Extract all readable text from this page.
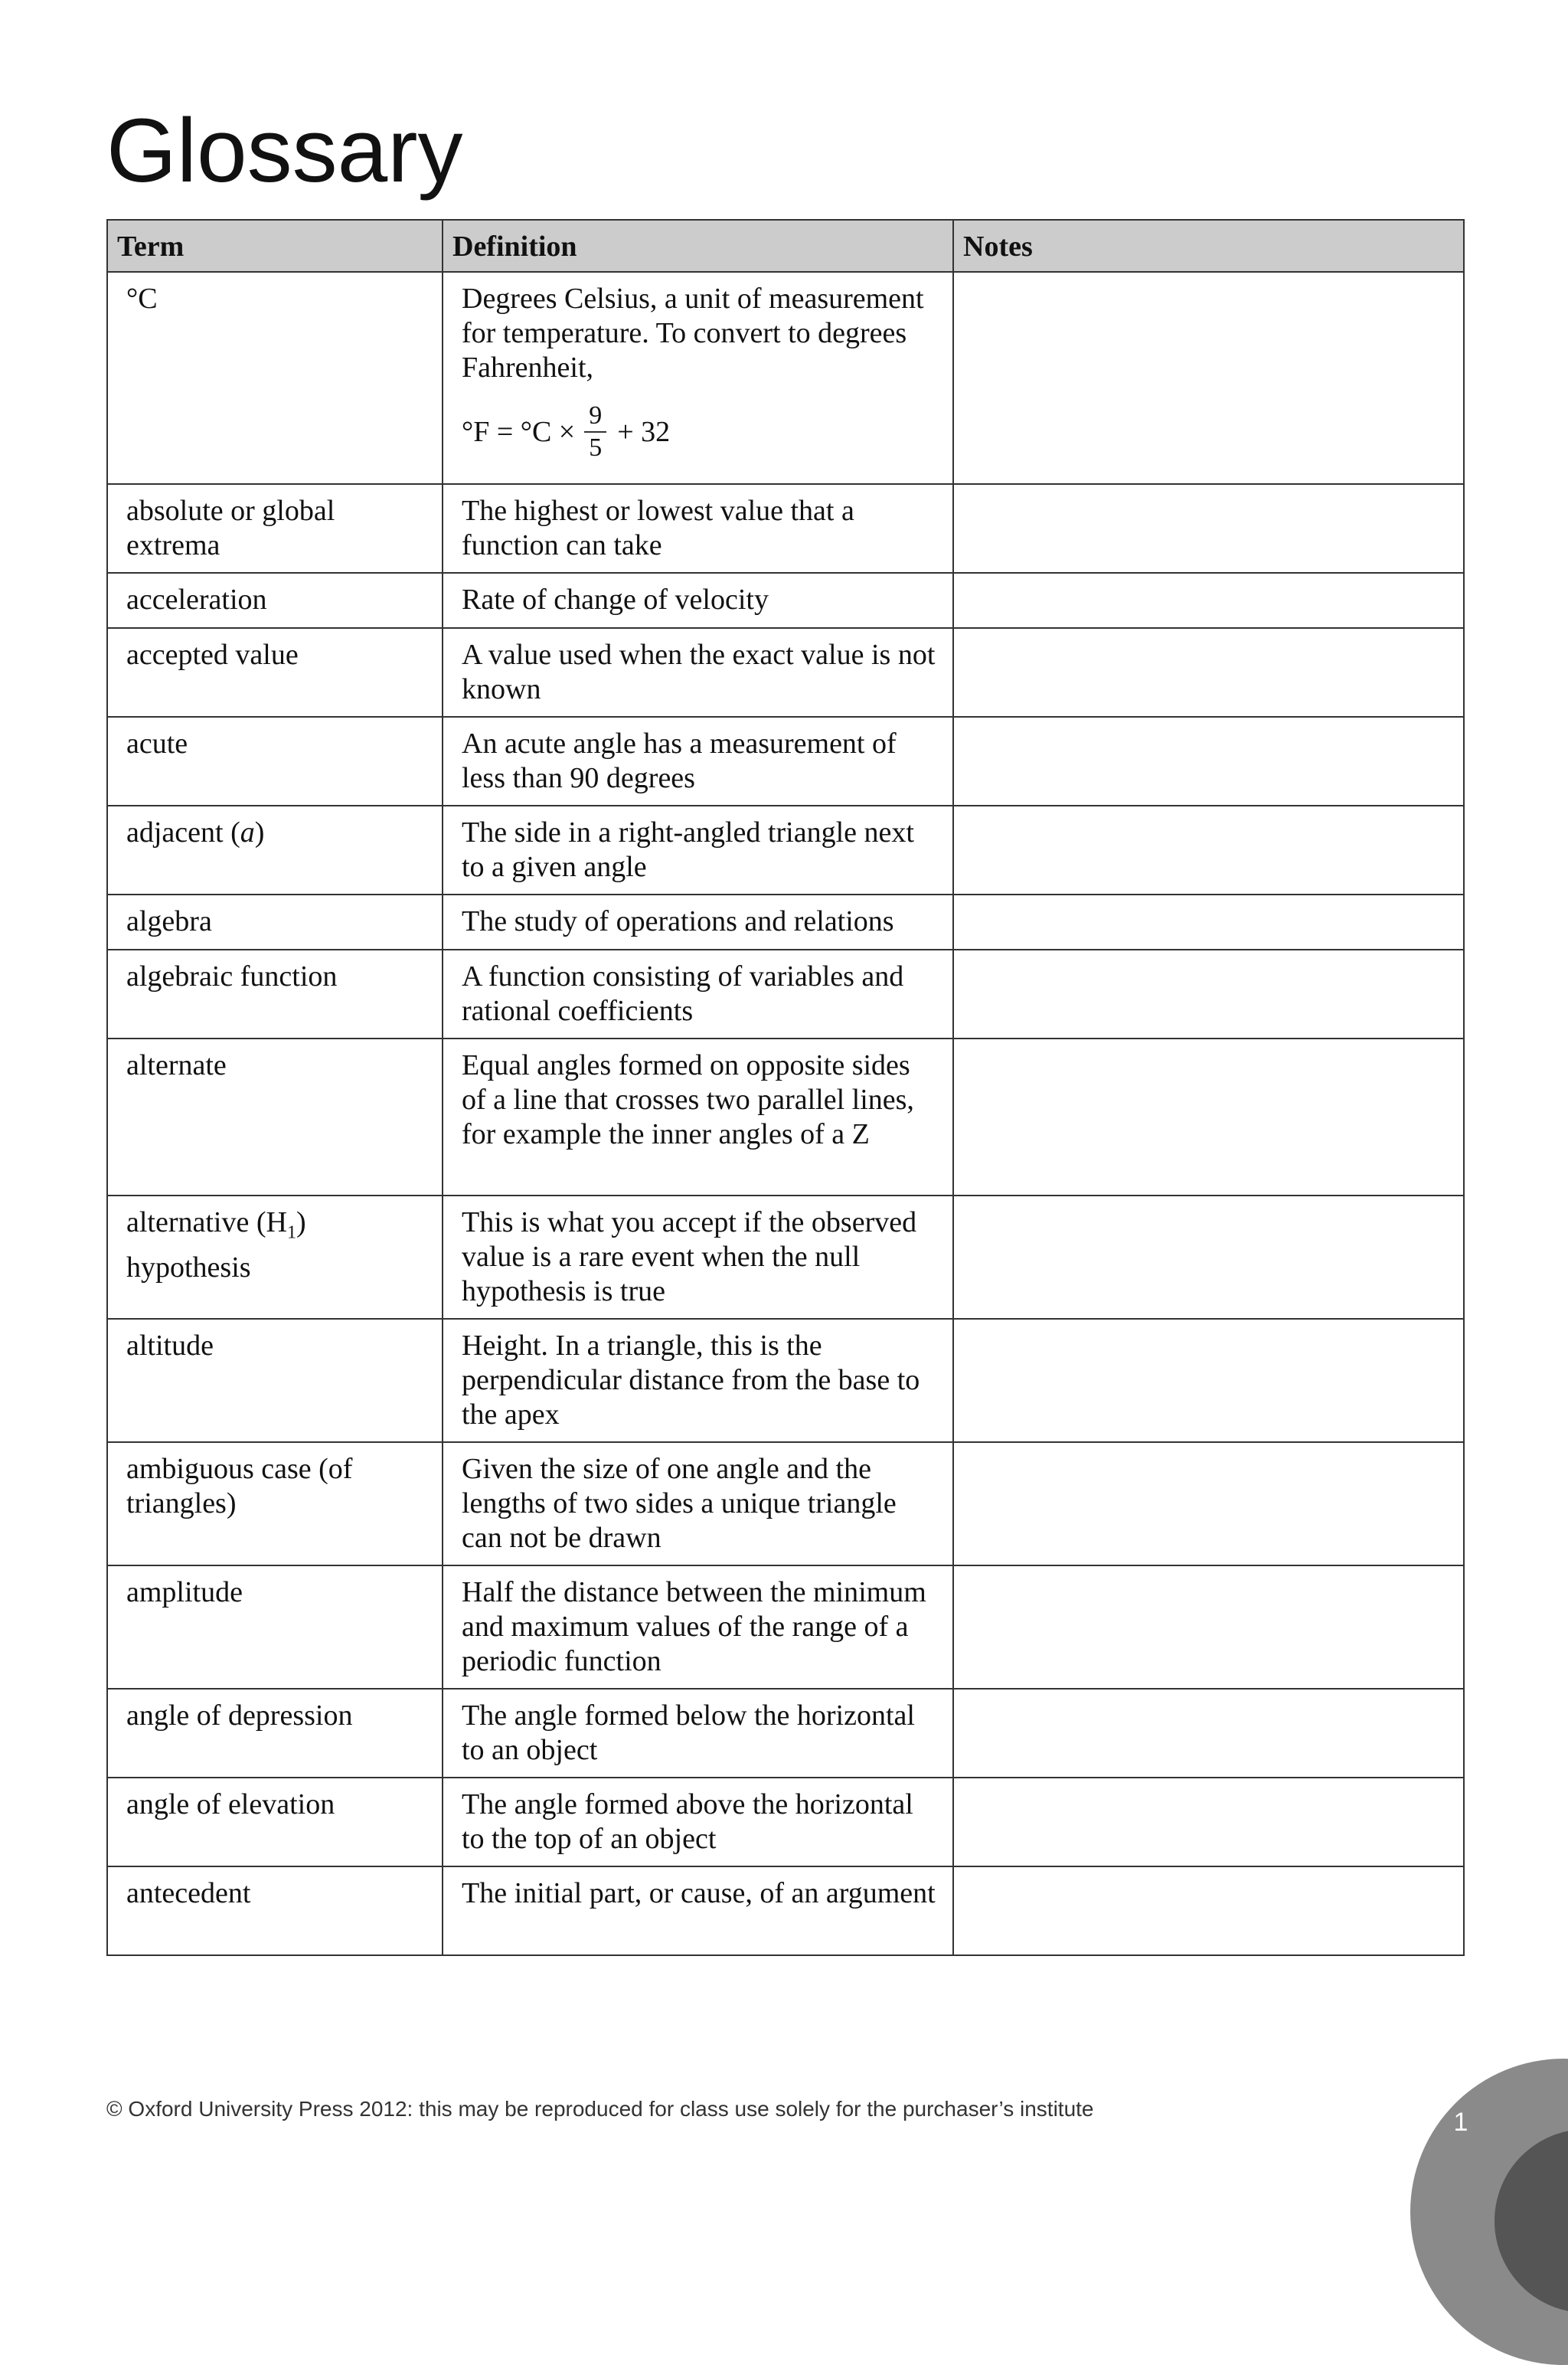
Glossary
Term	Definition	Notes
°C	Degrees Celsius, a unit of measurement for temperature. To convert to degrees Fahrenheit,
$^\circ F = ^\circ C \times \frac{9}{5} + 32$	

absolute or global extrema	The highest or lowest value that a function can take	
acceleration	Rate of change of velocity	
accepted value	A value used when the exact value is not known	
acute	An acute angle has a measurement of less than 90 degrees	
adjacent (a)	The side in a right-angled triangle next to a given angle	
algebra	The study of operations and relations	
algebraic function	A function consisting of variables and rational coefficients	
alternate	Equal angles formed on opposite sides of a line that crosses two parallel lines, for example the inner angles of a Z	
alternative $(H_1)$ hypothesis	This is what you accept if the observed value is a rare event when the null hypothesis is true	
altitude	Height. In a triangle, this is the perpendicular distance from the base to the apex	
ambiguous case (of triangles)	Given the size of one angle and the lengths of two sides a unique triangle can not be drawn	
amplitude	Half the distance between the minimum and maximum values of the range of a periodic function	
angle of depression	The angle formed below the horizontal to an object	
angle of elevation	The angle formed above the horizontal to the top of an object	
antecedent	The initial part, or cause, of an argument	
© Oxford University Press 2012: this may be reproduced for class use solely for the purchaser’s institute	1
